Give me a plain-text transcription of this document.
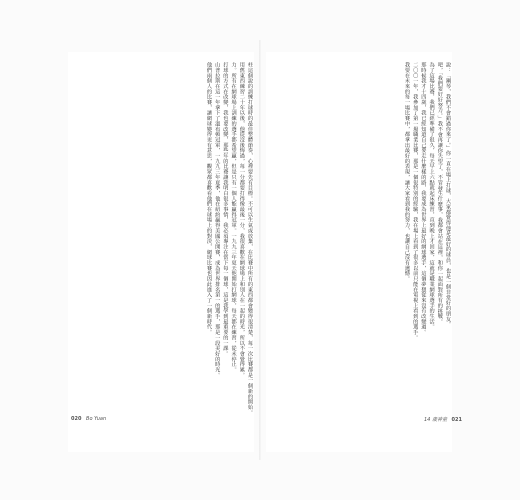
柱這個說的訓練打球時的最佳整體節奏，心裡要先有目標。不可以生氣或放棄，在比賽中所有的東西都會變得很清楚，每一次比賽都是一個新的開始。

用舊東西練習二十年以後，他從沒後悔過，每一分都要打得像最後一分，我很喜歡在網球場上和別人在一起的時光，所以不會覺得累。

力。所有在網球場上訓練的選手都希望贏，但是只有一個人能贏得冠軍。一九九三年夏天他開始打網球，每天都在練習，從未停止。

打球的方式在改變，我也要改變，那些年的比賽讓我明白很多事情，我必須專注在當下每一個球，這是我學到最重要的一課。

山普拉斯在這一年拿下了溫布頓冠軍，一九九三年夏季，他在紐約贏得美國公開賽，成為世界排名第一的選手，那是一段美好的時光。

他們兩個人的比賽，讓網球變得更有意思，觀眾都喜歡看他們在球場上的對決，網球比賽也因此進入了一個新時代。	說：「鋼琴，我們不會錯過你來了。」你一直在場上打球，大家都覺得他是最好的球員，也是一個非常好的朋友。

吧，「我們要好好努力。」我不會再讓你失望了，不管發生什麼事，我都會站在這裡，和你一起面對所有的挑戰。

為了這場比賽，我們已經準備了很久，每天早上六點就起床練習，直到晚上才回家，這就是職業網球選手的生活。

那時候我才十四歲，我已經知道自己要走什麼樣的路，我要成為世界上最好的網球選手，這個夢想從來沒有改變過。

二〇〇一年，我參加了第一場職業比賽，那是一個很特別的經驗，我在場上看到了很多以前只能在電視上看到的選手。

我要在未來的每一場比賽中，都拿出最好的表現，讓大家看到我的努力，也讓自己沒有遺憾。

020 Bo Yuan	14 歲神童 021
